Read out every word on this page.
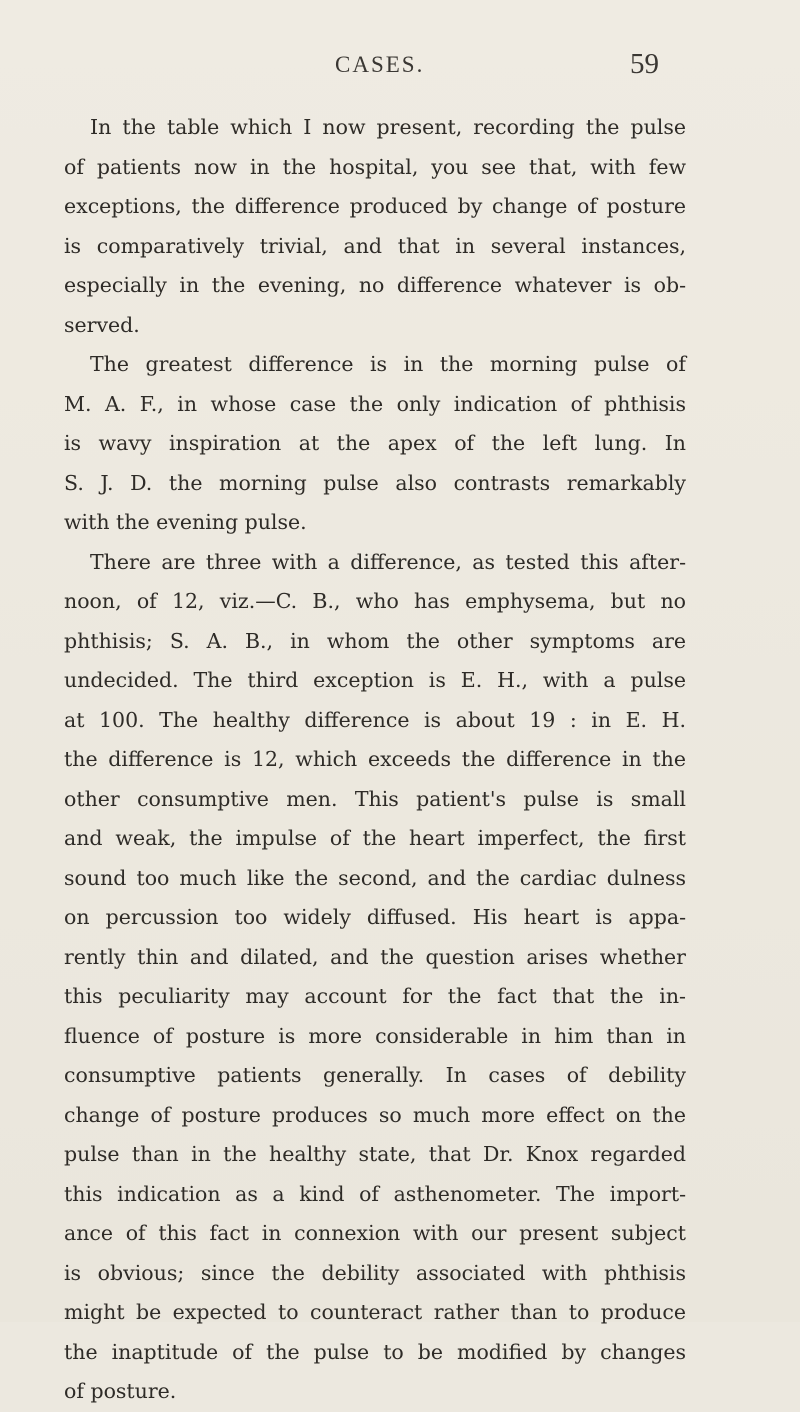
CASES.	59
In the table which I now present, recording the pulse
of patients now in the hospital, you see that, with few
exceptions, the difference produced by change of posture
is comparatively trivial, and that in several instances,
especially in the evening, no difference whatever is ob-
served.
The greatest difference is in the morning pulse of
M. A. F., in whose case the only indication of phthisis
is wavy inspiration at the apex of the left lung. In
S. J. D. the morning pulse also contrasts remarkably
with the evening pulse.
There are three with a difference, as tested this after-
noon, of 12, viz.—C. B., who has emphysema, but no
phthisis; S. A. B., in whom the other symptoms are
undecided. The third exception is E. H., with a pulse
at 100. The healthy difference is about 19 : in E. H.
the difference is 12, which exceeds the difference in the
other consumptive men. This patient's pulse is small
and weak, the impulse of the heart imperfect, the first
sound too much like the second, and the cardiac dulness
on percussion too widely diffused. His heart is appa-
rently thin and dilated, and the question arises whether
this peculiarity may account for the fact that the in-
fluence of posture is more considerable in him than in
consumptive patients generally. In cases of debility
change of posture produces so much more effect on the
pulse than in the healthy state, that Dr. Knox regarded
this indication as a kind of asthenometer. The import-
ance of this fact in connexion with our present subject
is obvious; since the debility associated with phthisis
might be expected to counteract rather than to produce
the inaptitude of the pulse to be modified by changes
of posture.
